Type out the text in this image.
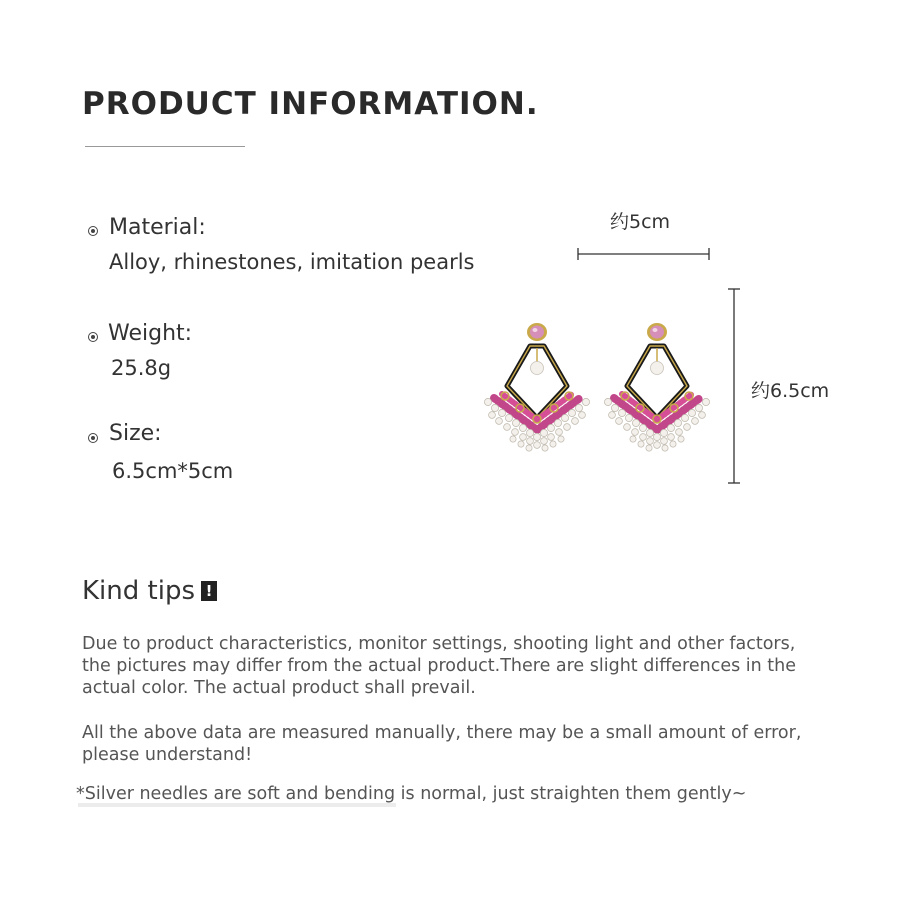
PRODUCT INFORMATION.
Material:
Alloy, rhinestones, imitation pearls
Weight:
25.8g
Size:
6.5cm*5cm
约5cm
约6.5cm
Kind tips !
Due to product characteristics, monitor settings, shooting light and other factors, the pictures may differ from the actual product.There are slight differences in the actual color. The actual product shall prevail.
All the above data are measured manually, there may be a small amount of error, please understand!
*Silver needles are soft and bending is normal, just straighten them gently~
